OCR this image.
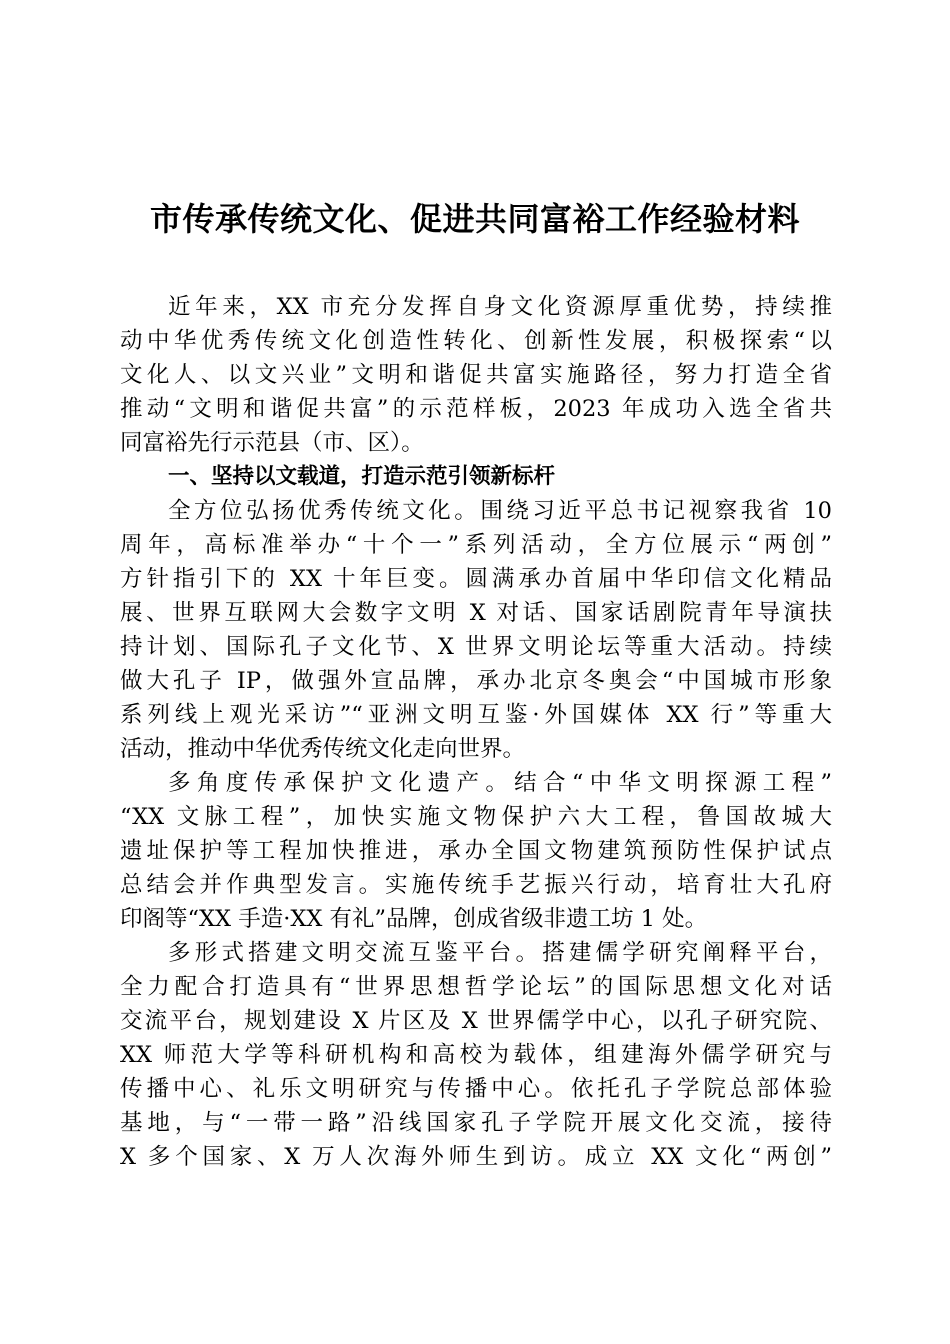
市传承传统文化、促进共同富裕工作经验材料
近年来，XX 市充分发挥自身文化资源厚重优势，持续推
动中华优秀传统文化创造性转化、创新性发展，积极探索“以
文化人、以文兴业”文明和谐促共富实施路径，努力打造全省
推动“文明和谐促共富”的示范样板，2023 年成功入选全省共
同富裕先行示范县（市、区）。
一、坚持以文载道，打造示范引领新标杆
全方位弘扬优秀传统文化。围绕习近平总书记视察我省 10
周年，高标准举办“十个一”系列活动，全方位展示“两创”
方针指引下的 XX 十年巨变。圆满承办首届中华印信文化精品
展、世界互联网大会数字文明 X 对话、国家话剧院青年导演扶
持计划、国际孔子文化节、X 世界文明论坛等重大活动。持续
做大孔子 IP，做强外宣品牌，承办北京冬奥会“中国城市形象
系列线上观光采访”“亚洲文明互鉴·外国媒体 XX 行”等重大
活动，推动中华优秀传统文化走向世界。
多角度传承保护文化遗产。结合“中华文明探源工程”
“XX 文脉工程”，加快实施文物保护六大工程，鲁国故城大
遗址保护等工程加快推进，承办全国文物建筑预防性保护试点
总结会并作典型发言。实施传统手艺振兴行动，培育壮大孔府
印阁等“XX 手造·XX 有礼”品牌，创成省级非遗工坊 1 处。
多形式搭建文明交流互鉴平台。搭建儒学研究阐释平台，
全力配合打造具有“世界思想哲学论坛”的国际思想文化对话
交流平台，规划建设 X 片区及 X 世界儒学中心，以孔子研究院、
XX 师范大学等科研机构和高校为载体，组建海外儒学研究与
传播中心、礼乐文明研究与传播中心。依托孔子学院总部体验
基地，与“一带一路”沿线国家孔子学院开展文化交流，接待
X 多个国家、X 万人次海外师生到访。成立 XX 文化“两创”
